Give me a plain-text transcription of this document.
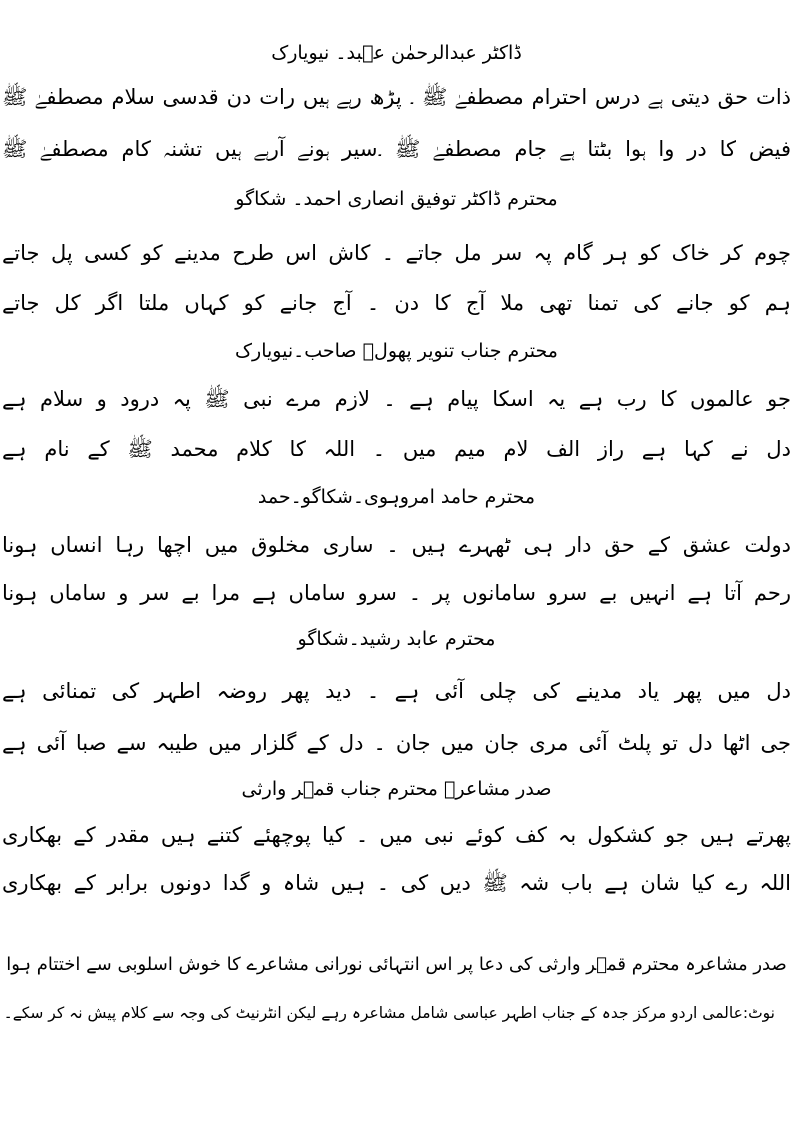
ڈاکٹر عبدالرحمٰن عؔبد۔ نیویارک
ذات حق دیتی ہے درس احترام مصطفےٰ ﷺ ۔ پڑھ رہے ہیں رات دن قدسی سلام مصطفےٰ ﷺ
فیض کا در وا ہوا بٹتا ہے جام مصطفےٰ ﷺ ۔سیر ہونے آرہے ہیں تشنہ کام مصطفےٰ ﷺ
محترم ڈاکٹر توفیق انصاری احمد۔ شکاگو
چوم کر خاک کو ہر گام پہ سر مل جاتے ۔ کاش اس طرح مدینے کو کسی پل جاتے
ہم کو جانے کی تمنا تھی ملا آج کا دن ۔ آج جانے کو کہاں ملتا اگر کل جاتے
محترم جناب تنویر پھولؔ صاحب۔نیویارک
جو عالموں کا رب ہے یہ اسکا پیام ہے ۔ لازم مرے نبی ﷺ پہ درود و سلام ہے
دل نے کہا ہے راز الف لام میم میں ۔ اللہ کا کلام محمد ﷺ کے نام ہے
محترم حامد امروہوی۔شکاگو۔حمد
دولت عشق کے حق دار ہی ٹھہرے ہیں ۔ ساری مخلوق میں اچھا رہا انساں ہونا
رحم آتا ہے انہیں بے سرو سامانوں پر ۔ سرو ساماں ہے مرا بے سر و ساماں ہونا
محترم عابد رشید۔شکاگو
دل میں پھر یاد مدینے کی چلی آئی ہے ۔ دید پھر روضہ اطہر کی تمنائی ہے
جی اٹھا دل تو پلٹ آئی مری جان میں جان ۔ دل کے گلزار میں طیبہ سے صبا آئی ہے
صدر مشاعرہ محترم جناب قمؔر وارثی
پھرتے ہیں جو کشکول بہ کف کوئے نبی میں ۔ کیا پوچھئے کتنے ہیں مقدر کے بھکاری
اللہ رے کیا شان ہے باب شہ ﷺ دیں کی ۔ ہیں شاہ و گدا دونوں برابر کے بھکاری
صدر مشاعرہ محترم قمؔر وارثی کی دعا پر اس انتہائی نورانی مشاعرے کا خوش اسلوبی سے اختتام ہوا
نوٹ:عالمی اردو مرکز جدہ کے جناب اطہر عباسی شامل مشاعرہ رہے لیکن انٹرنیٹ کی وجہ سے کلام پیش نہ کر سکے۔
